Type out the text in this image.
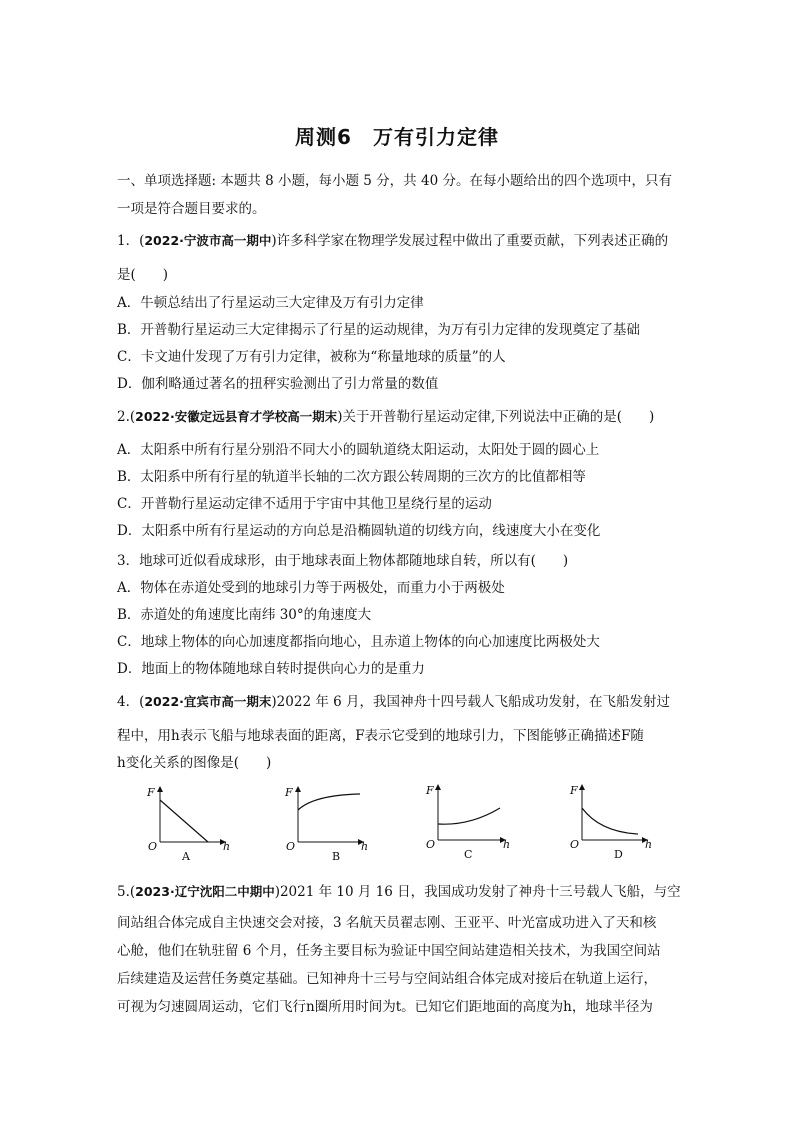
周测6　万有引力定律
一、单项选择题: 本题共 8 小题，每小题 5 分，共 40 分。在每小题给出的四个选项中，只有
一项是符合题目要求的。
1．(2022·宁波市高一期中)许多科学家在物理学发展过程中做出了重要贡献，下列表述正确的
是(　　)
A．牛顿总结出了行星运动三大定律及万有引力定律
B．开普勒行星运动三大定律揭示了行星的运动规律，为万有引力定律的发现奠定了基础
C．卡文迪什发现了万有引力定律，被称为“称量地球的质量”的人
D．伽利略通过著名的扭秤实验测出了引力常量的数值
2.(2022·安徽定远县育才学校高一期末)关于开普勒行星运动定律,下列说法中正确的是(　　)
A．太阳系中所有行星分别沿不同大小的圆轨道绕太阳运动，太阳处于圆的圆心上
B．太阳系中所有行星的轨道半长轴的二次方跟公转周期的三次方的比值都相等
C．开普勒行星运动定律不适用于宇宙中其他卫星绕行星的运动
D．太阳系中所有行星运动的方向总是沿椭圆轨道的切线方向，线速度大小在变化
3．地球可近似看成球形，由于地球表面上物体都随地球自转，所以有(　　)
A．物体在赤道处受到的地球引力等于两极处，而重力小于两极处
B．赤道处的角速度比南纬 30°的角速度大
C．地球上物体的向心加速度都指向地心，且赤道上物体的向心加速度比两极处大
D．地面上的物体随地球自转时提供向心力的是重力
4．(2022·宜宾市高一期末)2022 年 6 月，我国神舟十四号载人飞船成功发射，在飞船发射过
程中，用h表示飞船与地球表面的距离，F表示它受到的地球引力，下图能够正确描述F随
h变化关系的图像是(　　)
F
O	h
A
F
O	h
B
F
O	h
C
F
O	h
D
5.(2023·辽宁沈阳二中期中)2021 年 10 月 16 日，我国成功发射了神舟十三号载人飞船，与空
间站组合体完成自主快速交会对接，3 名航天员翟志刚、王亚平、叶光富成功进入了天和核
心舱，他们在轨驻留 6 个月，任务主要目标为验证中国空间站建造相关技术，为我国空间站
后续建造及运营任务奠定基础。已知神舟十三号与空间站组合体完成对接后在轨道上运行，
可视为匀速圆周运动，它们飞行n圈所用时间为t。已知它们距地面的高度为h，地球半径为
